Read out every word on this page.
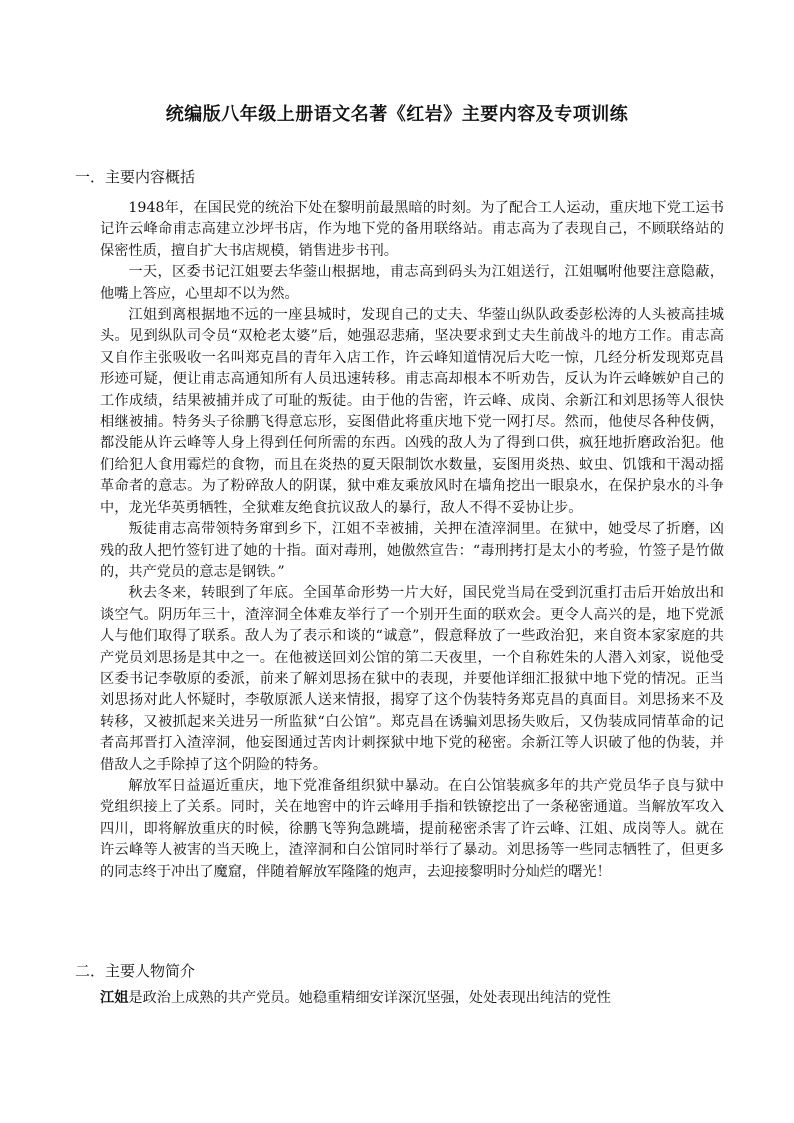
统编版八年级上册语文名著《红岩》主要内容及专项训练
一．主要内容概括

1948年，在国民党的统治下处在黎明前最黑暗的时刻。为了配合工人运动，重庆地下党工运书记许云峰命甫志高建立沙坪书店，作为地下党的备用联络站。甫志高为了表现自己，不顾联络站的保密性质，擅自扩大书店规模，销售进步书刊。

一天，区委书记江姐要去华蓥山根据地，甫志高到码头为江姐送行，江姐嘱咐他要注意隐蔽，他嘴上答应，心里却不以为然。

江姐到离根据地不远的一座县城时，发现自己的丈夫、华蓥山纵队政委彭松涛的人头被高挂城头。见到纵队司令员“双枪老太婆”后，她强忍悲痛，坚决要求到丈夫生前战斗的地方工作。甫志高又自作主张吸收一名叫郑克昌的青年入店工作，许云峰知道情况后大吃一惊，几经分析发现郑克昌形迹可疑，便让甫志高通知所有人员迅速转移。甫志高却根本不听劝告，反认为许云峰嫉妒自己的工作成绩，结果被捕并成了可耻的叛徒。由于他的告密，许云峰、成岗、余新江和刘思扬等人很快相继被捕。特务头子徐鹏飞得意忘形，妄图借此将重庆地下党一网打尽。然而，他使尽各种伎俩，都没能从许云峰等人身上得到任何所需的东西。凶残的敌人为了得到口供，疯狂地折磨政治犯。他们给犯人食用霉烂的食物，而且在炎热的夏天限制饮水数量，妄图用炎热、蚊虫、饥饿和干渴动摇革命者的意志。为了粉碎敌人的阴谋，狱中难友乘放风时在墙角挖出一眼泉水，在保护泉水的斗争中，龙光华英勇牺牲，全狱难友绝食抗议敌人的暴行，敌人不得不妥协让步。

叛徒甫志高带领特务窜到乡下，江姐不幸被捕，关押在渣滓洞里。在狱中，她受尽了折磨，凶残的敌人把竹签钉进了她的十指。面对毒刑，她傲然宣告：“毒刑拷打是太小的考验，竹签子是竹做的，共产党员的意志是钢铁。”

秋去冬来，转眼到了年底。全国革命形势一片大好，国民党当局在受到沉重打击后开始放出和谈空气。阴历年三十，渣滓洞全体难友举行了一个别开生面的联欢会。更令人高兴的是，地下党派人与他们取得了联系。敌人为了表示和谈的“诚意”，假意释放了一些政治犯，来自资本家家庭的共产党员刘思扬是其中之一。在他被送回刘公馆的第二天夜里，一个自称姓朱的人潜入刘家，说他受区委书记李敬原的委派，前来了解刘思扬在狱中的表现，并要他详细汇报狱中地下党的情况。正当刘思扬对此人怀疑时，李敬原派人送来情报，揭穿了这个伪装特务郑克昌的真面目。刘思扬来不及转移，又被抓起来关进另一所监狱“白公馆”。郑克昌在诱骗刘思扬失败后，又伪装成同情革命的记者高邦晋打入渣滓洞，他妄图通过苦肉计刺探狱中地下党的秘密。余新江等人识破了他的伪装，并借敌人之手除掉了这个阴险的特务。

解放军日益逼近重庆，地下党准备组织狱中暴动。在白公馆装疯多年的共产党员华子良与狱中党组织接上了关系。同时，关在地窖中的许云峰用手指和铁镣挖出了一条秘密通道。当解放军攻入四川，即将解放重庆的时候，徐鹏飞等狗急跳墙，提前秘密杀害了许云峰、江姐、成岗等人。就在许云峰等人被害的当天晚上，渣滓洞和白公馆同时举行了暴动。刘思扬等一些同志牺牲了，但更多的同志终于冲出了魔窟，伴随着解放军隆隆的炮声，去迎接黎明时分灿烂的曙光！

二．主要人物简介

江姐是政治上成熟的共产党员。她稳重精细安详深沉坚强，处处表现出纯洁的党性
